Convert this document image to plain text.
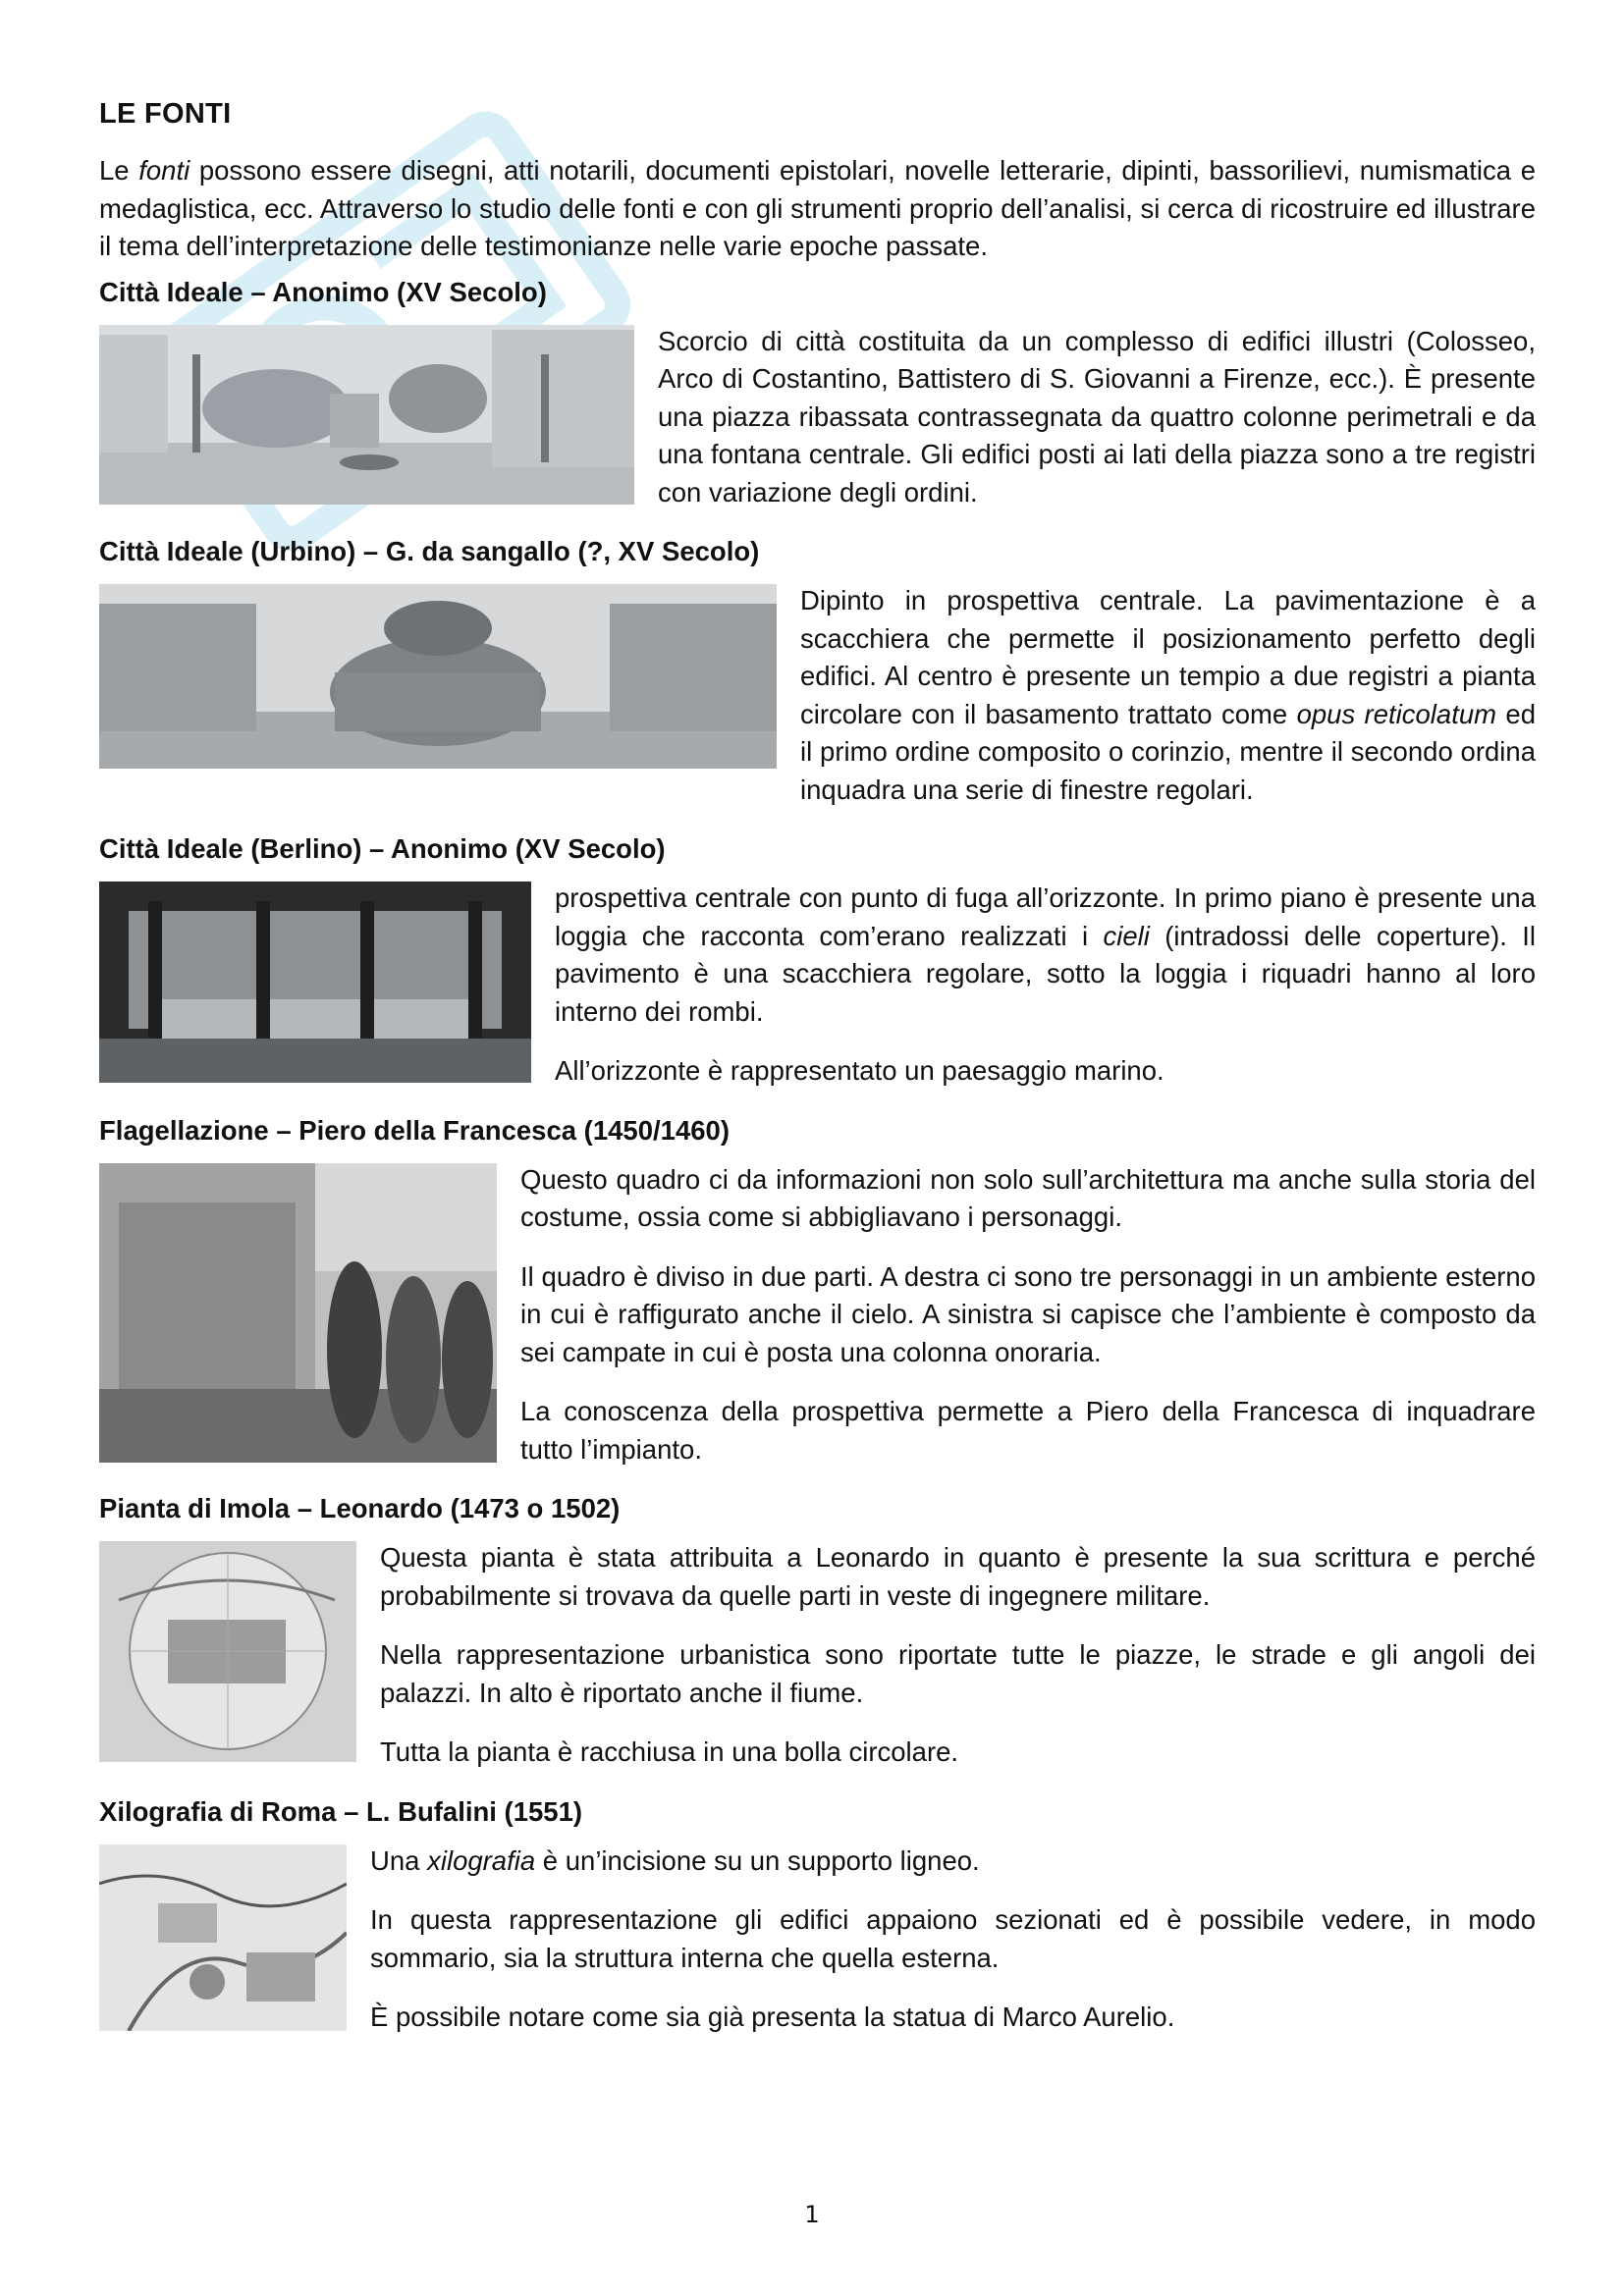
LE FONTI

Le fonti possono essere disegni, atti notarili, documenti epistolari, novelle letterarie, dipinti, bassorilievi, numismatica e medaglistica, ecc. Attraverso lo studio delle fonti e con gli strumenti proprio dell’analisi, si cerca di ricostruire ed illustrare il tema dell’interpretazione delle testimonianze nelle varie epoche passate.

Città Ideale – Anonimo (XV Secolo)

Scorcio di città costituita da un complesso di edifici illustri (Colosseo, Arco di Costantino, Battistero di S. Giovanni a Firenze, ecc.). È presente una piazza ribassata contrassegnata da quattro colonne perimetrali e da una fontana centrale. Gli edifici posti ai lati della piazza sono a tre registri con variazione degli ordini.

Città Ideale (Urbino) – G. da sangallo (?, XV Secolo)

Dipinto in prospettiva centrale. La pavimentazione è a scacchiera che permette il posizionamento perfetto degli edifici. Al centro è presente un tempio a due registri a pianta circolare con il basamento trattato come opus reticolatum ed il primo ordine composito o corinzio, mentre il secondo ordina inquadra una serie di finestre regolari.

Città Ideale (Berlino) – Anonimo (XV Secolo)

prospettiva centrale con punto di fuga all’orizzonte. In primo piano è presente una loggia che racconta com’erano realizzati i cieli (intradossi delle coperture). Il pavimento è una scacchiera regolare, sotto la loggia i riquadri hanno al loro interno dei rombi.

All’orizzonte è rappresentato un paesaggio marino.

Flagellazione – Piero della Francesca (1450/1460)

Questo quadro ci da informazioni non solo sull’architettura ma anche sulla storia del costume, ossia come si abbigliavano i personaggi.

Il quadro è diviso in due parti. A destra ci sono tre personaggi in un ambiente esterno in cui è raffigurato anche il cielo. A sinistra si capisce che l’ambiente è composto da sei campate in cui è posta una colonna onoraria.

La conoscenza della prospettiva permette a Piero della Francesca di inquadrare tutto l’impianto.

Pianta di Imola – Leonardo (1473 o 1502)

Questa pianta è stata attribuita a Leonardo in quanto è presente la sua scrittura e perché probabilmente si trovava da quelle parti in veste di ingegnere militare.

Nella rappresentazione urbanistica sono riportate tutte le piazze, le strade e gli angoli dei palazzi. In alto è riportato anche il fiume.

Tutta la pianta è racchiusa in una bolla circolare.

Xilografia di Roma – L. Bufalini (1551)

Una xilografia è un’incisione su un supporto ligneo.

In questa rappresentazione gli edifici appaiono sezionati ed è possibile vedere, in modo sommario, sia la struttura interna che quella esterna.

È possibile notare come sia già presenta la statua di Marco Aurelio.

1
